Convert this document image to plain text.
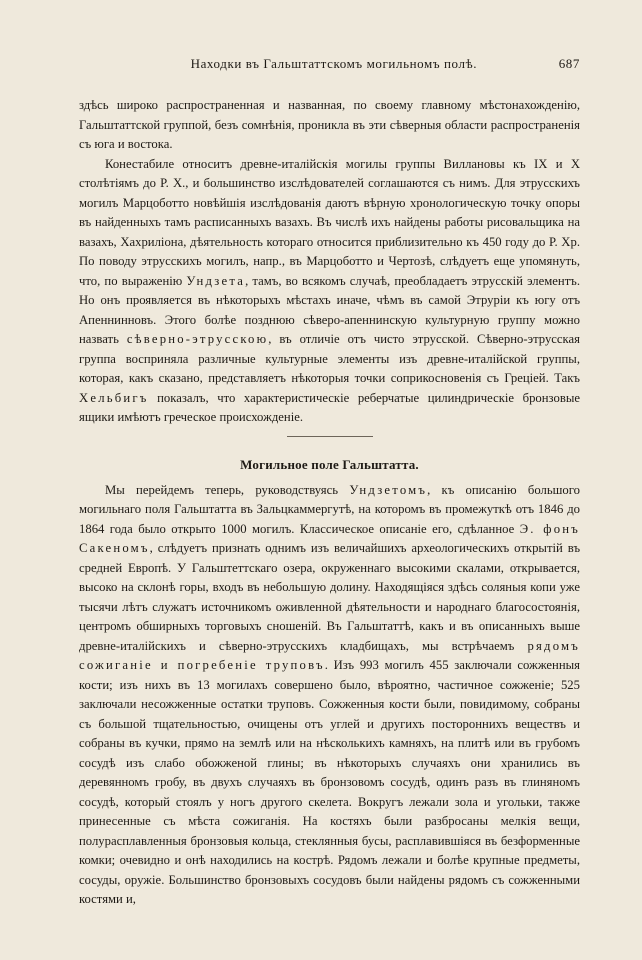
Находки въ Гальштаттскомъ могильномъ полѣ.	687

здѣсь широко распространенная и названная, по своему главному мѣстонахожденію, Гальштаттской группой, безъ сомнѣнія, проникла въ эти сѣверныя области распространенія съ юга и востока.

Конестабиле относитъ древне-италійскія могилы группы Виллановы къ IX и X столѣтіямъ до Р. Х., и большинство изслѣдователей соглашаются съ нимъ. Для этрусскихъ могилъ Марцоботто новѣйшія изслѣдованія даютъ вѣрную хронологическую точку опоры въ найденныхъ тамъ расписанныхъ вазахъ. Въ числѣ ихъ найдены работы рисовальщика на вазахъ, Хахриліона, дѣятельность котораго относится приблизительно къ 450 году до Р. Хр. По поводу этрусскихъ могилъ, напр., въ Марцоботто и Чертозѣ, слѣдуетъ еще упомянуть, что, по выраженію Ундзета, тамъ, во всякомъ случаѣ, преобладаетъ этрусскій элементъ. Но онъ проявляется въ нѣкоторыхъ мѣстахъ иначе, чѣмъ въ самой Этруріи къ югу отъ Апеннинновъ. Этого болѣе позднюю сѣверо-апеннинскую культурную группу можно назвать сѣверно-этрусскою, въ отличіе отъ чисто этрусской. Сѣверно-этрусская группа восприняла различные культурные элементы изъ древне-италійской группы, которая, какъ сказано, представляетъ нѣкоторыя точки соприкосновенія съ Греціей. Такъ Хельбигъ показалъ, что характеристическіе реберчатые цилиндрическіе бронзовые ящики имѣютъ греческое происхожденіе.

Могильное поле Гальштатта.

Мы перейдемъ теперь, руководствуясь Ундзетомъ, къ описанію большого могильнаго поля Гальштатта въ Зальцкаммергутѣ, на которомъ въ промежуткѣ отъ 1846 до 1864 года было открыто 1000 могилъ. Классическое описаніе его, сдѣланное Э. фонъ Сакеномъ, слѣдуетъ признать однимъ изъ величайшихъ археологическихъ открытій въ средней Европѣ. У Гальштеттскаго озера, окруженнаго высокими скалами, открывается, высоко на склонѣ горы, входъ въ небольшую долину. Находящіяся здѣсь соляныя копи уже тысячи лѣтъ служатъ источникомъ оживленной дѣятельности и народнаго благосостоянія, центромъ обширныхъ торговыхъ сношеній. Въ Гальштаттѣ, какъ и въ описанныхъ выше древне-италійскихъ и сѣверно-этрусскихъ кладбищахъ, мы встрѣчаемъ рядомъ сожиганіе и погребеніе труповъ. Изъ 993 могилъ 455 заключали сожженныя кости; изъ нихъ въ 13 могилахъ совершено было, вѣроятно, частичное сожженіе; 525 заключали несожженные остатки труповъ. Сожженныя кости были, повидимому, собраны съ большой тщательностью, очищены отъ углей и другихъ постороннихъ веществъ и собраны въ кучки, прямо на землѣ или на нѣсколькихъ камняхъ, на плитѣ или въ грубомъ сосудѣ изъ слабо обожженой глины; въ нѣкоторыхъ случаяхъ они хранились въ деревянномъ гробу, въ двухъ случаяхъ въ бронзовомъ сосудѣ, одинъ разъ въ глиняномъ сосудѣ, который стоялъ у ногъ другого скелета. Вокругъ лежали зола и угольки, также принесенные съ мѣста сожиганія. На костяхъ были разбросаны мелкія вещи, полурасплавленныя бронзовыя кольца, стеклянныя бусы, расплавившіяся въ безформенные комки; очевидно и онѣ находились на кострѣ. Рядомъ лежали и болѣе крупные предметы, сосуды, оружіе. Большинство бронзовыхъ сосудовъ были найдены рядомъ съ сожженными костями и,
